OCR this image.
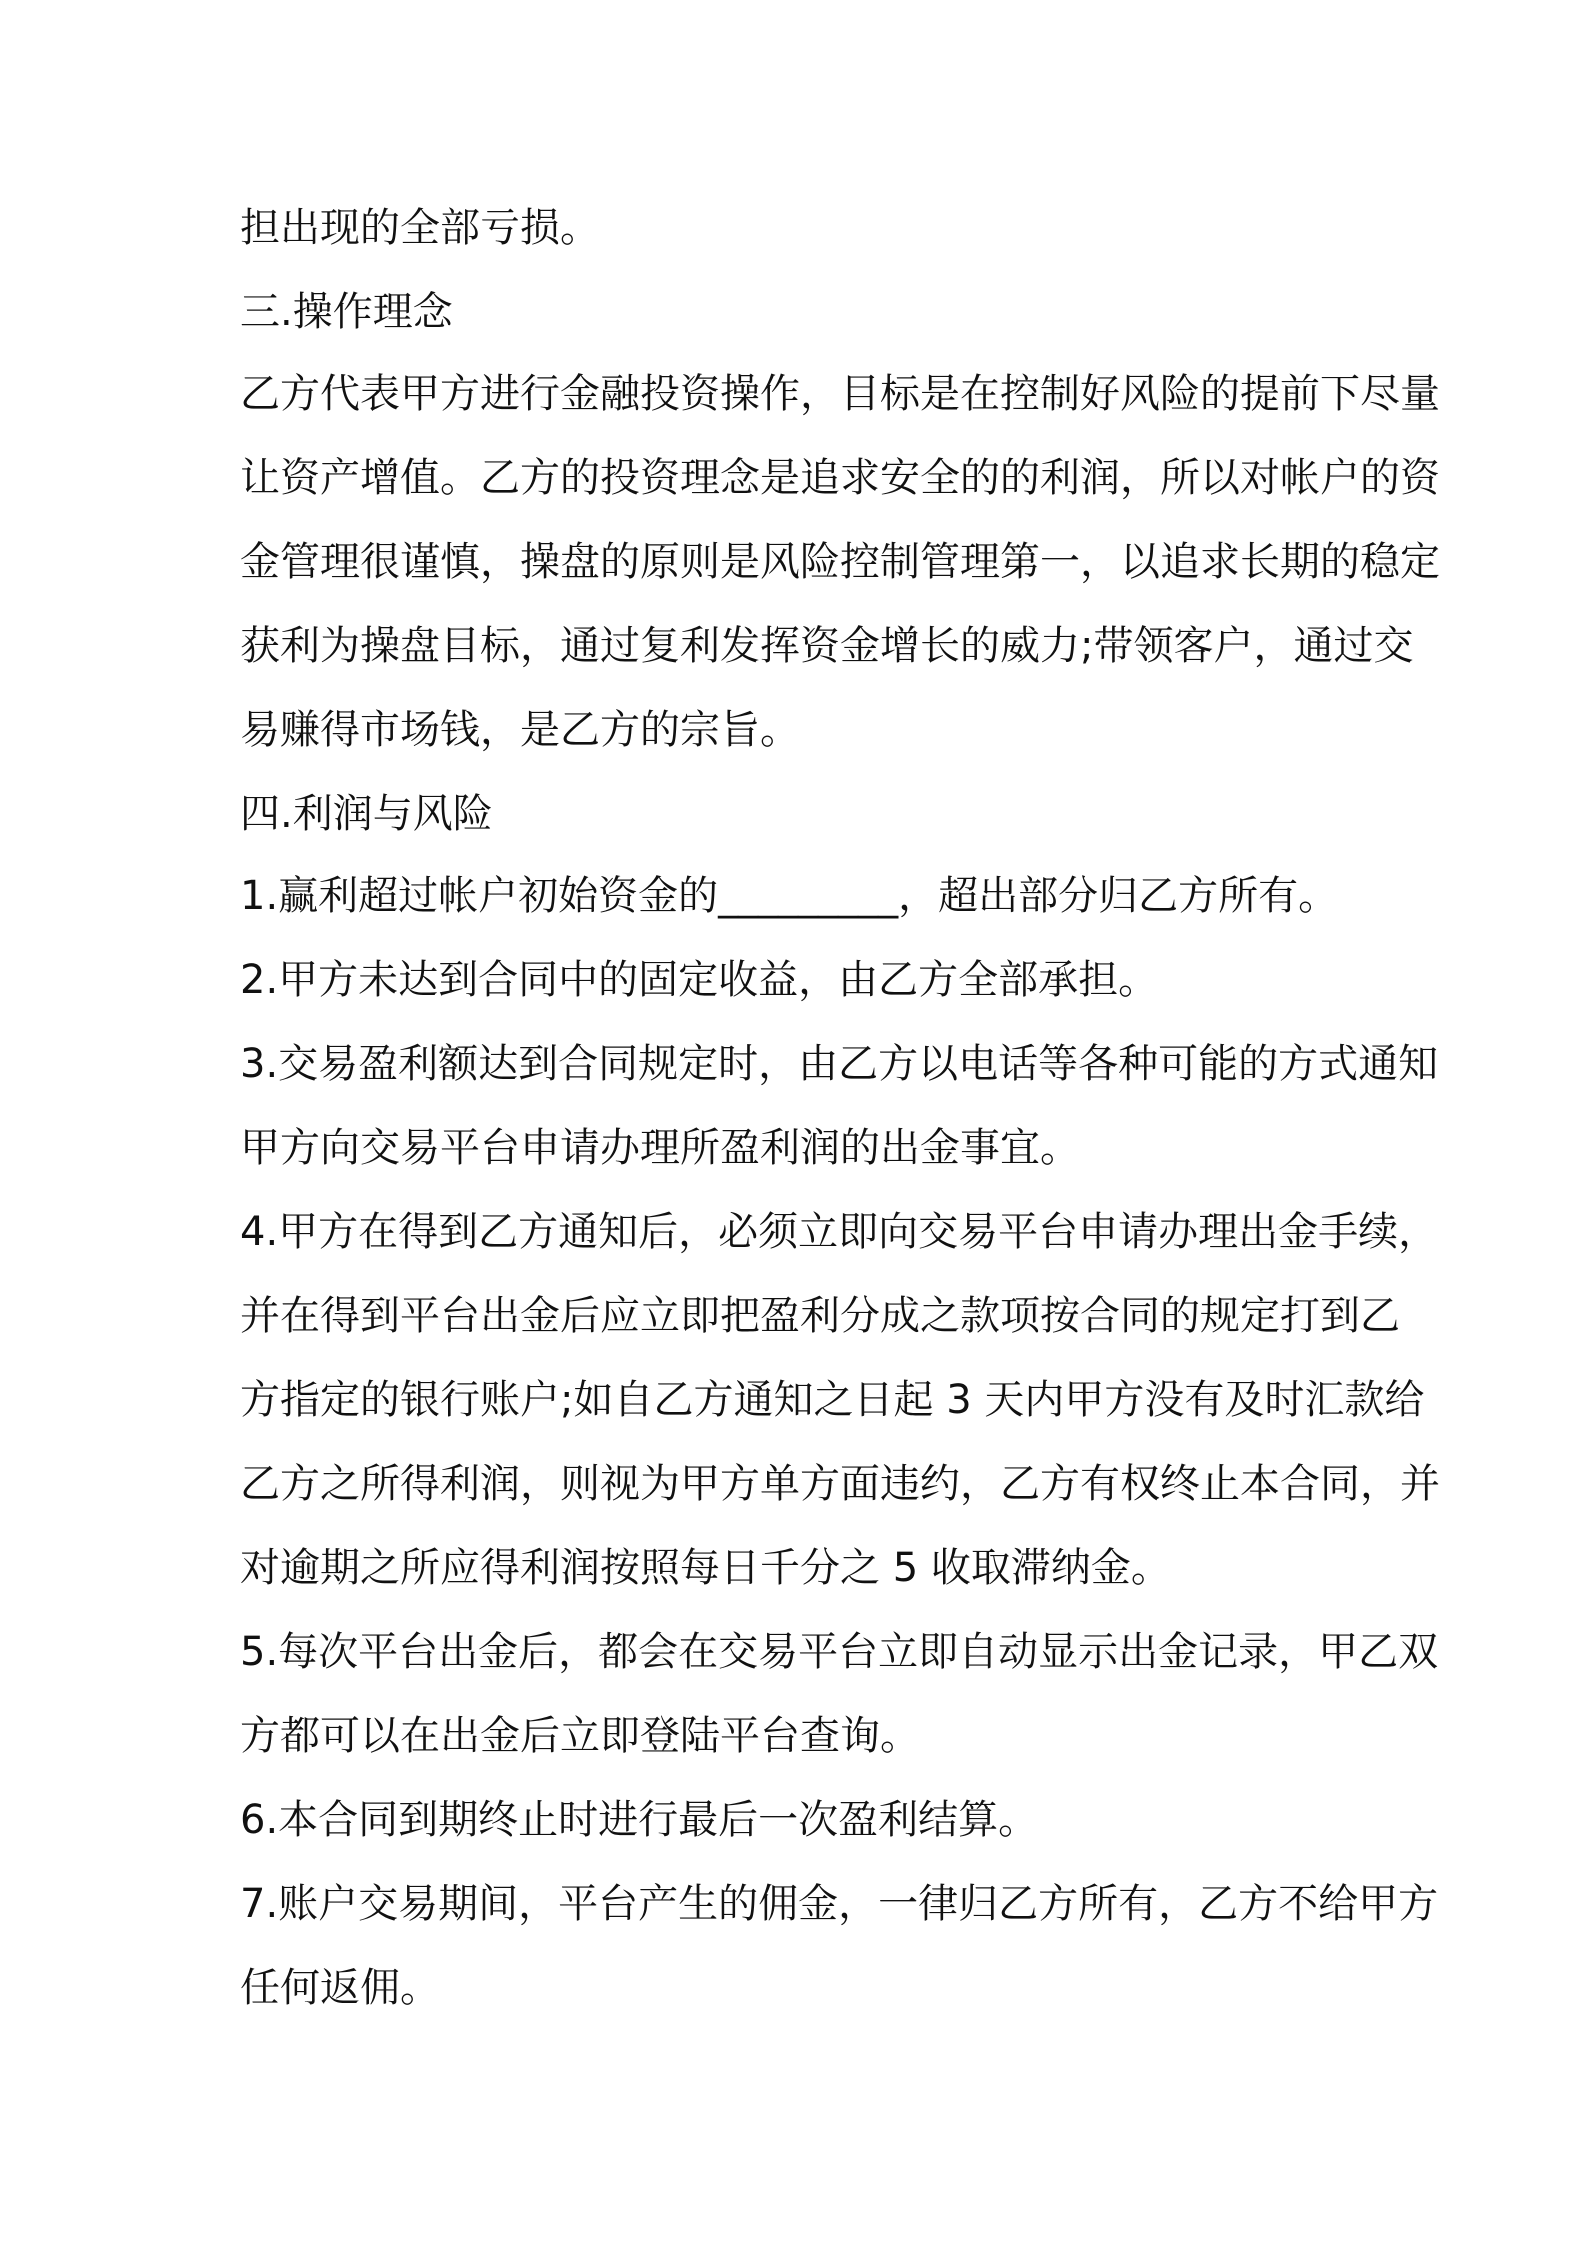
担出现的全部亏损。
三.操作理念
乙方代表甲方进行金融投资操作，目标是在控制好风险的提前下尽量
让资产增值。乙方的投资理念是追求安全的的利润，所以对帐户的资
金管理很谨慎，操盘的原则是风险控制管理第一，以追求长期的稳定
获利为操盘目标，通过复利发挥资金增长的威力;带领客户，通过交
易赚得市场钱，是乙方的宗旨。
四.利润与风险
1.赢利超过帐户初始资金的_________，超出部分归乙方所有。
2.甲方未达到合同中的固定收益，由乙方全部承担。
3.交易盈利额达到合同规定时，由乙方以电话等各种可能的方式通知
甲方向交易平台申请办理所盈利润的出金事宜。
4.甲方在得到乙方通知后，必须立即向交易平台申请办理出金手续，
并在得到平台出金后应立即把盈利分成之款项按合同的规定打到乙
方指定的银行账户;如自乙方通知之日起 3 天内甲方没有及时汇款给
乙方之所得利润，则视为甲方单方面违约，乙方有权终止本合同，并
对逾期之所应得利润按照每日千分之 5 收取滞纳金。
5.每次平台出金后，都会在交易平台立即自动显示出金记录，甲乙双
方都可以在出金后立即登陆平台查询。
6.本合同到期终止时进行最后一次盈利结算。
7.账户交易期间，平台产生的佣金，一律归乙方所有，乙方不给甲方
任何返佣。
